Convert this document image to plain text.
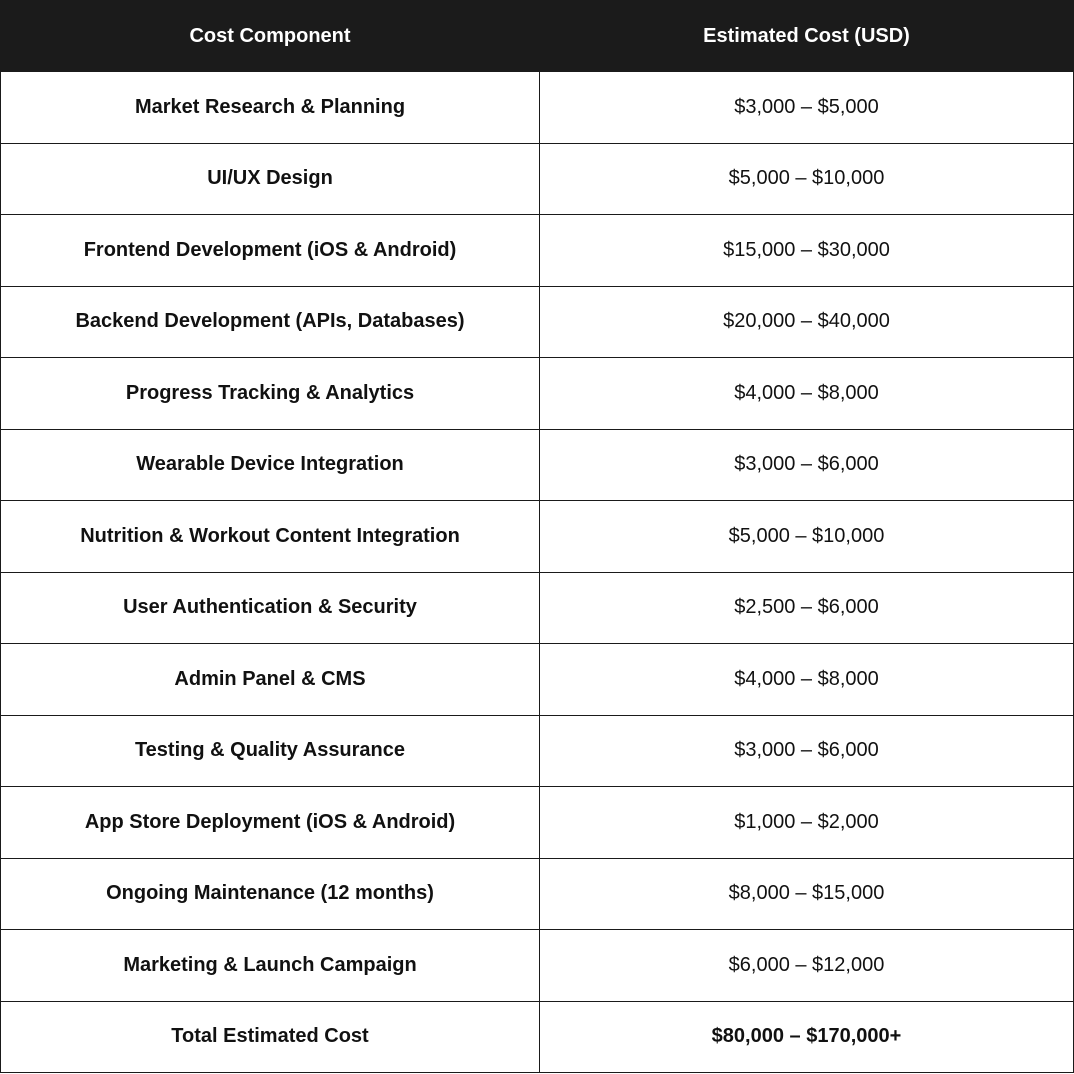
Cost Component	Estimated Cost (USD)
Market Research & Planning	$3,000 – $5,000
UI/UX Design	$5,000 – $10,000
Frontend Development (iOS & Android)	$15,000 – $30,000
Backend Development (APIs, Databases)	$20,000 – $40,000
Progress Tracking & Analytics	$4,000 – $8,000
Wearable Device Integration	$3,000 – $6,000
Nutrition & Workout Content Integration	$5,000 – $10,000
User Authentication & Security	$2,500 – $6,000
Admin Panel & CMS	$4,000 – $8,000
Testing & Quality Assurance	$3,000 – $6,000
App Store Deployment (iOS & Android)	$1,000 – $2,000
Ongoing Maintenance (12 months)	$8,000 – $15,000
Marketing & Launch Campaign	$6,000 – $12,000
Total Estimated Cost	$80,000 – $170,000+
